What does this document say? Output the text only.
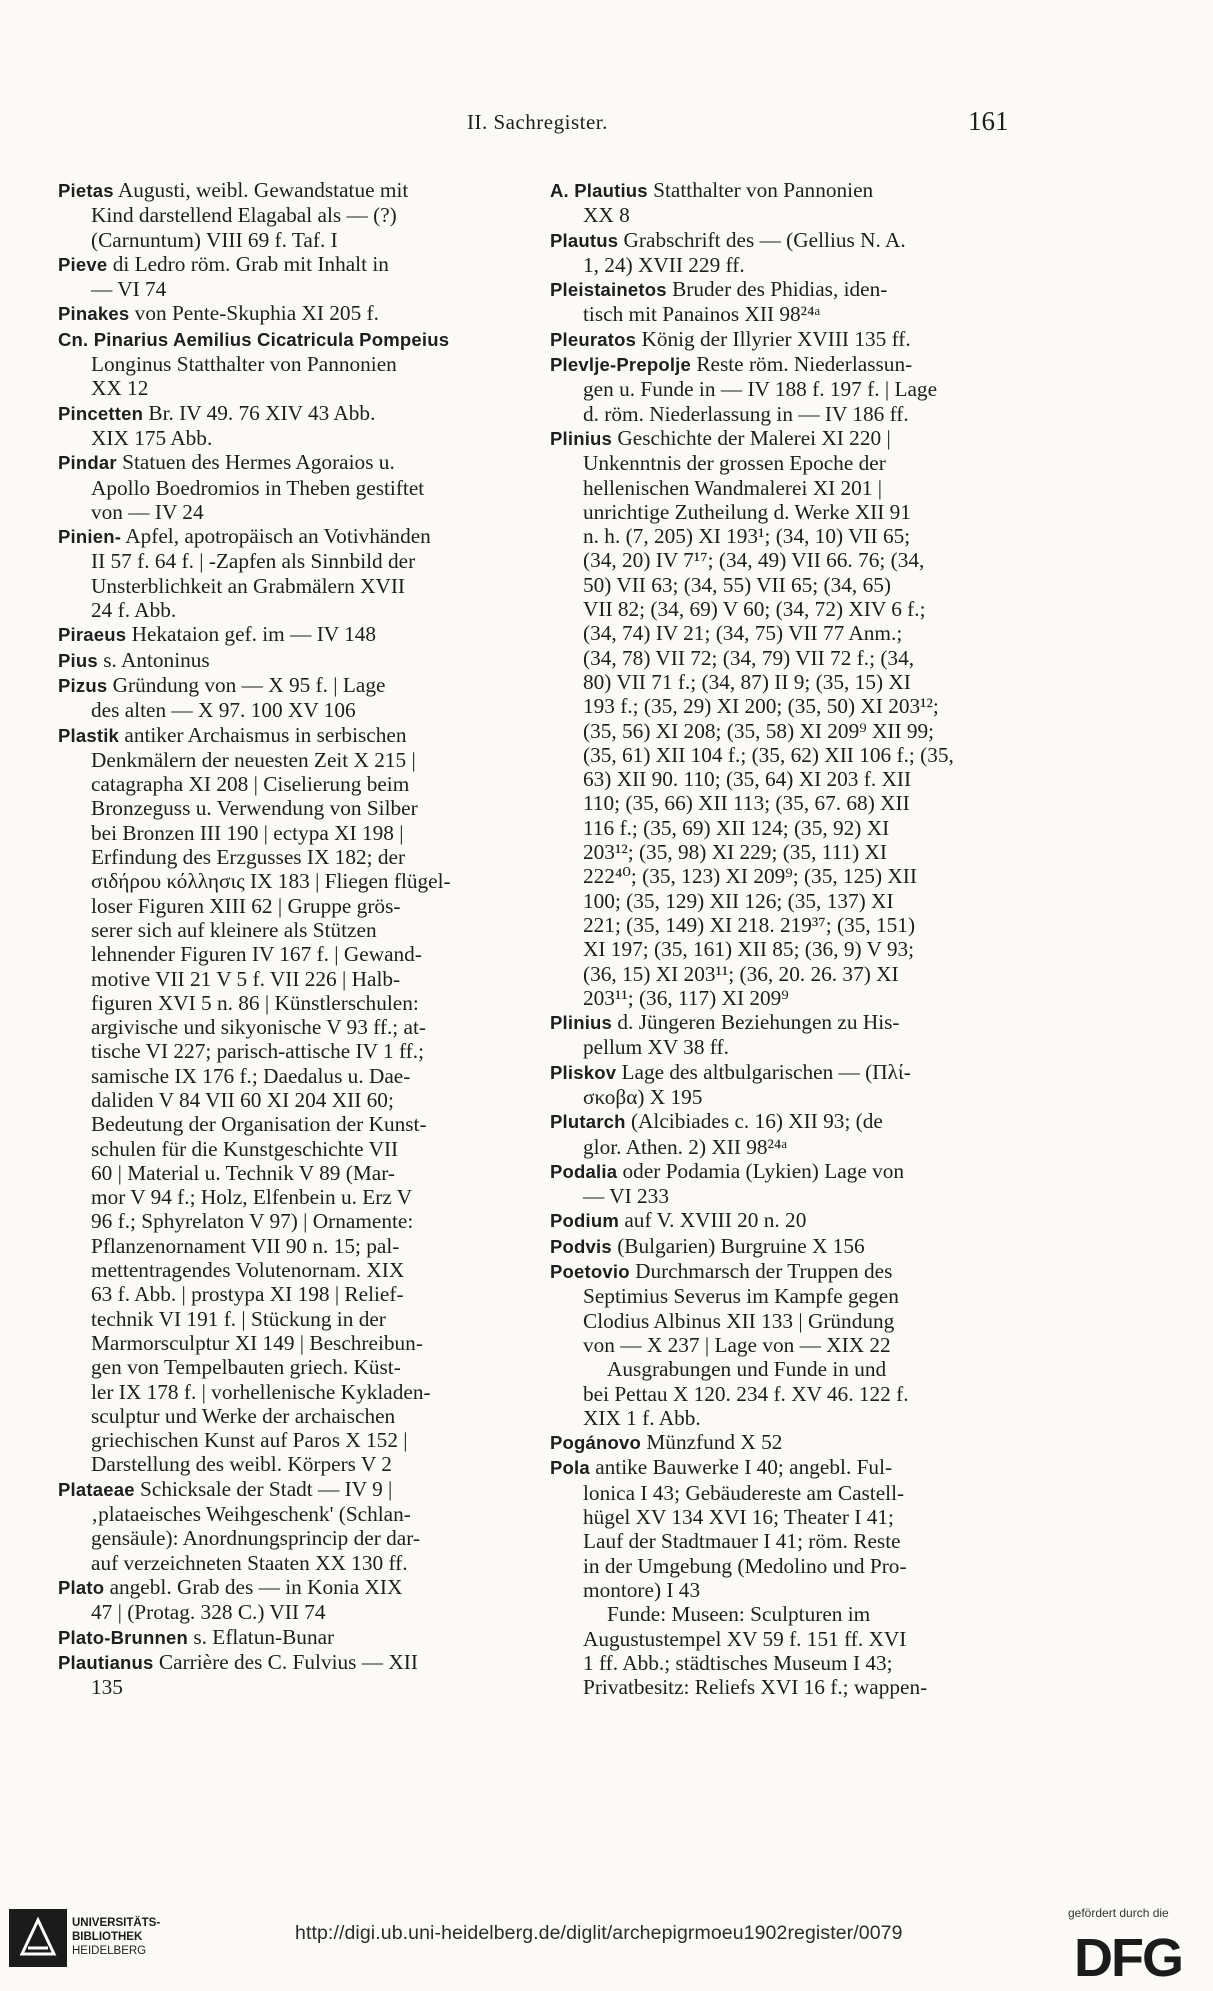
II. Sachregister.	161
Pietas Augusti, weibl. Gewandstatue mit
Kind darstellend Elagabal als — (?)
(Carnuntum) VIII 69 f. Taf. I
Pieve di Ledro röm. Grab mit Inhalt in
— VI 74
Pinakes von Pente-Skuphia XI 205 f.
Cn. Pinarius Aemilius Cicatricula Pompeius Longinus Statthalter von Pannonien
XX 12
Pincetten Br. IV 49. 76 XIV 43 Abb.
XIX 175 Abb.
Pindar Statuen des Hermes Agoraios u.
Apollo Boedromios in Theben gestiftet
von — IV 24
Pinien- Apfel, apotropäisch an Votivhänden
II 57 f. 64 f. | -Zapfen als Sinnbild der
Unsterblichkeit an Grabmälern XVII
24 f. Abb.
Piraeus Hekataion gef. im — IV 148
Pius s. Antoninus
Pizus Gründung von — X 95 f. | Lage
des alten — X 97. 100 XV 106
Plastik antiker Archaismus in serbischen
Denkmälern der neuesten Zeit X 215 |
catagrapha XI 208 | Ciselierung beim
Bronzeguss u. Verwendung von Silber
bei Bronzen III 190 | ectypa XI 198 |
Erfindung des Erzgusses IX 182; der
σιδήρου κόλλησις IX 183 | Fliegen flügel-
loser Figuren XIII 62 | Gruppe grös-
serer sich auf kleinere als Stützen
lehnender Figuren IV 167 f. | Gewand-
motive VII 21 V 5 f. VII 226 | Halb-
figuren XVI 5 n. 86 | Künstlerschulen:
argivische und sikyonische V 93 ff.; at-
tische VI 227; parisch-attische IV 1 ff.;
samische IX 176 f.; Daedalus u. Dae-
daliden V 84 VII 60 XI 204 XII 60;
Bedeutung der Organisation der Kunst-
schulen für die Kunstgeschichte VII
60 | Material u. Technik V 89 (Mar-
mor V 94 f.; Holz, Elfenbein u. Erz V
96 f.; Sphyrelaton V 97) | Ornamente:
Pflanzenornament VII 90 n. 15; pal-
mettentragendes Volutenornam. XIX
63 f. Abb. | prostypa XI 198 | Relief-
technik VI 191 f. | Stückung in der
Marmorsculptur XI 149 | Beschreibun-
gen von Tempelbauten griech. Küst-
ler IX 178 f. | vorhellenische Kykladen-
sculptur und Werke der archaischen
griechischen Kunst auf Paros X 152 |
Darstellung des weibl. Körpers V 2
Plataeae Schicksale der Stadt — IV 9 |
‚plataeisches Weihgeschenk' (Schlan-
gensäule): Anordnungsprincip der dar-
auf verzeichneten Staaten XX 130 ff.
Plato angebl. Grab des — in Konia XIX
47 | (Protag. 328 C.) VII 74
Plato-Brunnen s. Eflatun-Bunar
Plautianus Carrière des C. Fulvius — XII
135
A. Plautius Statthalter von Pannonien
XX 8
Plautus Grabschrift des — (Gellius N. A.
1, 24) XVII 229 ff.
Pleistainetos Bruder des Phidias, iden-
tisch mit Panainos XII 98²⁴ᵃ
Pleuratos König der Illyrier XVIII 135 ff.
Plevlje-Prepolje Reste röm. Niederlassun-
gen u. Funde in — IV 188 f. 197 f. | Lage
d. röm. Niederlassung in — IV 186 ff.
Plinius Geschichte der Malerei XI 220 |
Unkenntnis der grossen Epoche der
hellenischen Wandmalerei XI 201 |
unrichtige Zutheilung d. Werke XII 91
n. h. (7, 205) XI 193¹; (34, 10) VII 65;
(34, 20) IV 7¹⁷; (34, 49) VII 66. 76; (34,
50) VII 63; (34, 55) VII 65; (34, 65)
VII 82; (34, 69) V 60; (34, 72) XIV 6 f.;
(34, 74) IV 21; (34, 75) VII 77 Anm.;
(34, 78) VII 72; (34, 79) VII 72 f.; (34,
80) VII 71 f.; (34, 87) II 9; (35, 15) XI
193 f.; (35, 29) XI 200; (35, 50) XI 203¹²;
(35, 56) XI 208; (35, 58) XI 209⁹ XII 99;
(35, 61) XII 104 f.; (35, 62) XII 106 f.; (35,
63) XII 90. 110; (35, 64) XI 203 f. XII
110; (35, 66) XII 113; (35, 67. 68) XII
116 f.; (35, 69) XII 124; (35, 92) XI
203¹²; (35, 98) XI 229; (35, 111) XI
222⁴⁰; (35, 123) XI 209⁹; (35, 125) XII
100; (35, 129) XII 126; (35, 137) XI
221; (35, 149) XI 218. 219³⁷; (35, 151)
XI 197; (35, 161) XII 85; (36, 9) V 93;
(36, 15) XI 203¹¹; (36, 20. 26. 37) XI
203¹¹; (36, 117) XI 209⁹
Plinius d. Jüngeren Beziehungen zu His-
pellum XV 38 ff.
Pliskov Lage des altbulgarischen — (Πλί-
σκοβα) X 195
Plutarch (Alcibiades c. 16) XII 93; (de
glor. Athen. 2) XII 98²⁴ᵃ
Podalia oder Podamia (Lykien) Lage von
— VI 233
Podium auf V. XVIII 20 n. 20
Podvis (Bulgarien) Burgruine X 156
Poetovio Durchmarsch der Truppen des
Septimius Severus im Kampfe gegen
Clodius Albinus XII 133 | Gründung
von — X 237 | Lage von — XIX 22
Ausgrabungen und Funde in und
bei Pettau X 120. 234 f. XV 46. 122 f.
XIX 1 f. Abb.
Pogánovo Münzfund X 52
Pola antike Bauwerke I 40; angebl. Ful-
lonica I 43; Gebäudereste am Castell-
hügel XV 134 XVI 16; Theater I 41;
Lauf der Stadtmauer I 41; röm. Reste
in der Umgebung (Medolino und Pro-
montore) I 43
Funde: Museen: Sculpturen im
Augustustempel XV 59 f. 151 ff. XVI
1 ff. Abb.; städtisches Museum I 43;
Privatbesitz: Reliefs XVI 16 f.; wappen-
UNIVERSITÄTS-
BIBLIOTHEK
HEIDELBERG
http://digi.ub.uni-heidelberg.de/diglit/archepigrmoeu1902register/0079
gefördert durch die
DFG
